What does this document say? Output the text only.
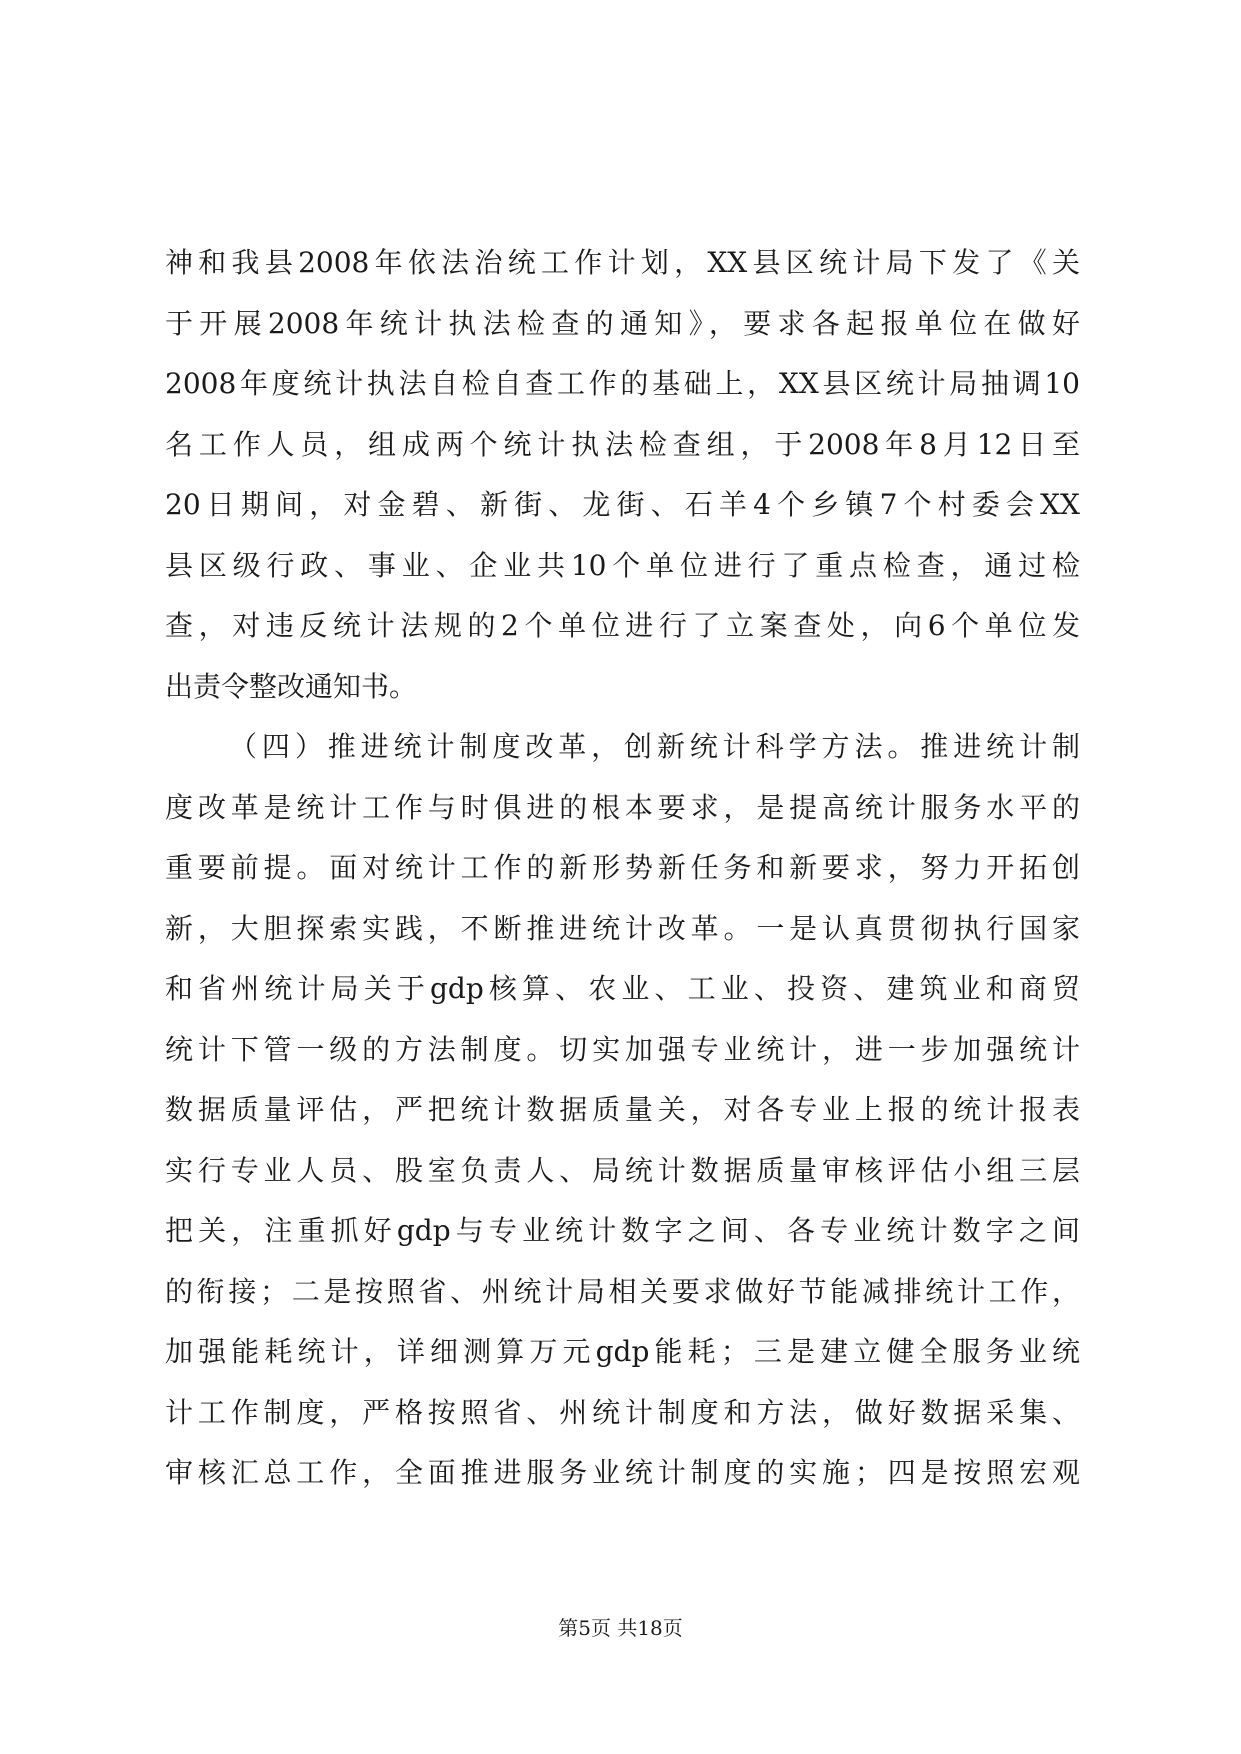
神和我县2008年依法治统工作计划，XX县区统计局下发了《关
于开展2008年统计执法检查的通知》，要求各起报单位在做好
2008年度统计执法自检自查工作的基础上，XX县区统计局抽调10
名工作人员，组成两个统计执法检查组，于2008年8月12日至
20日期间，对金碧、新街、龙街、石羊4个乡镇7个村委会XX
县区级行政、事业、企业共10个单位进行了重点检查，通过检
查，对违反统计法规的2个单位进行了立案查处，向6个单位发
出责令整改通知书。
（四）推进统计制度改革，创新统计科学方法。推进统计制
度改革是统计工作与时俱进的根本要求，是提高统计服务水平的
重要前提。面对统计工作的新形势新任务和新要求，努力开拓创
新，大胆探索实践，不断推进统计改革。一是认真贯彻执行国家
和省州统计局关于gdp核算、农业、工业、投资、建筑业和商贸
统计下管一级的方法制度。切实加强专业统计，进一步加强统计
数据质量评估，严把统计数据质量关，对各专业上报的统计报表
实行专业人员、股室负责人、局统计数据质量审核评估小组三层
把关，注重抓好gdp与专业统计数字之间、各专业统计数字之间
的衔接；二是按照省、州统计局相关要求做好节能减排统计工作，
加强能耗统计，详细测算万元gdp能耗；三是建立健全服务业统
计工作制度，严格按照省、州统计制度和方法，做好数据采集、
审核汇总工作，全面推进服务业统计制度的实施；四是按照宏观
第5页 共18页
